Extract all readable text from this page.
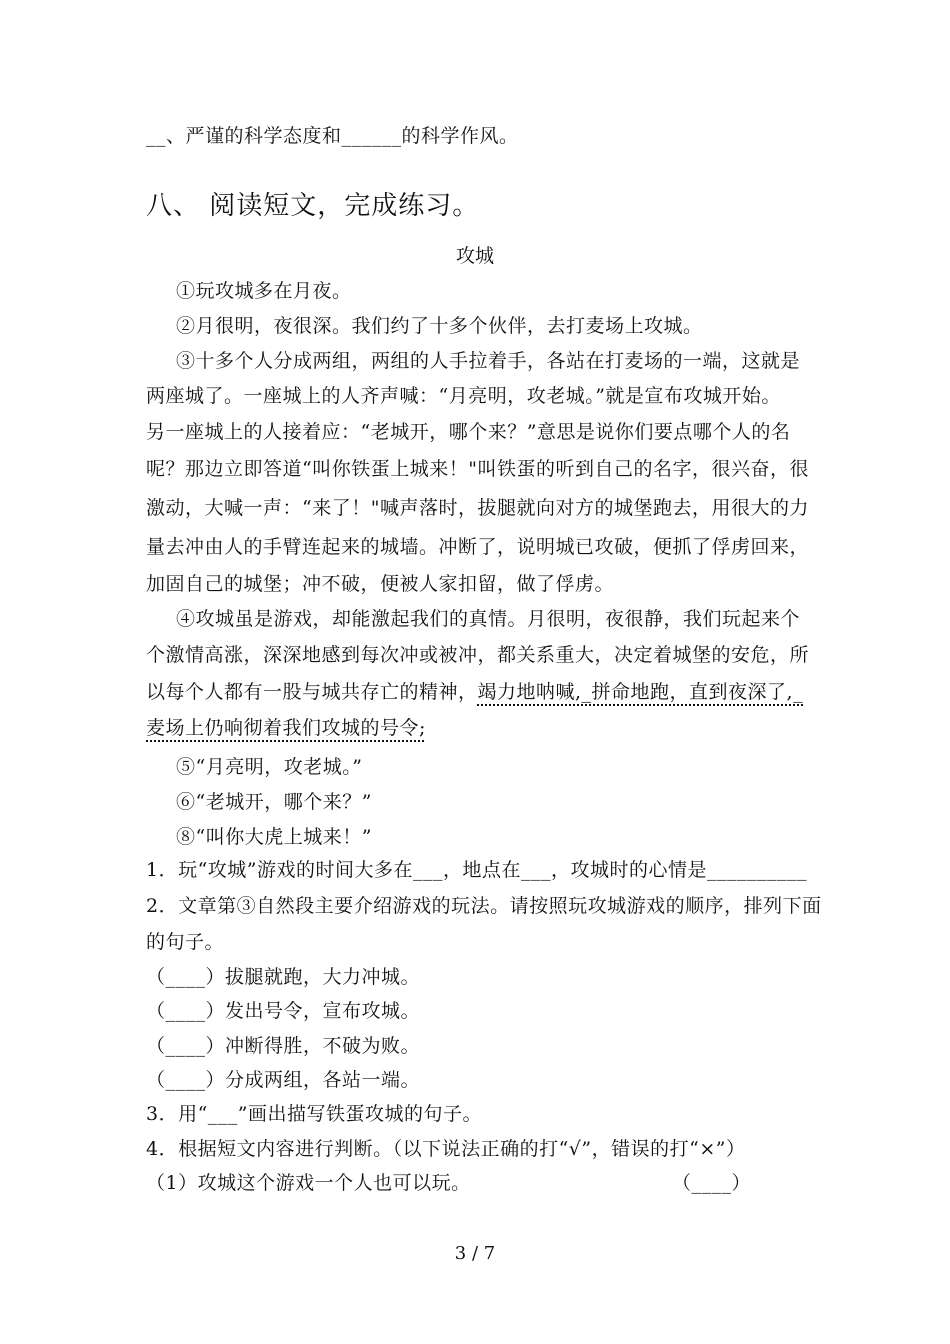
__、严谨的科学态度和______的科学作风。
八、 阅读短文，完成练习。
攻城
①玩攻城多在月夜。
②月很明，夜很深。我们约了十多个伙伴，去打麦场上攻城。
③十多个人分成两组，两组的人手拉着手，各站在打麦场的一端，这就是
两座城了。一座城上的人齐声喊：“月亮明，攻老城。”就是宣布攻城开始。
另一座城上的人接着应：“老城开，哪个来？”意思是说你们要点哪个人的名
呢？那边立即答道“叫你铁蛋上城来！"叫铁蛋的听到自己的名字，很兴奋，很
激动，大喊一声：“来了！"喊声落时，拔腿就向对方的城堡跑去，用很大的力
量去冲由人的手臂连起来的城墙。冲断了，说明城已攻破，便抓了俘虏回来，
加固自己的城堡；冲不破，便被人家扣留，做了俘虏。
④攻城虽是游戏，却能激起我们的真情。月很明，夜很静，我们玩起来个
个激情高涨，深深地感到每次冲或被冲，都关系重大，决定着城堡的安危，所
以每个人都有一股与城共存亡的精神，竭力地呐喊,_拼命地跑，直到夜深了,_
麦场上仍响彻着我们攻城的号令;
⑤“月亮明，攻老城。”
⑥“老城开，哪个来？”
⑧“叫你大虎上城来！”
1．玩“攻城”游戏的时间大多在___，地点在___，攻城时的心情是__________
2．文章第③自然段主要介绍游戏的玩法。请按照玩攻城游戏的顺序，排列下面
的句子。
（____）拔腿就跑，大力冲城。
（____）发出号令，宣布攻城。
（____）冲断得胜，不破为败。
（____）分成两组，各站一端。
3．用“___”画出描写铁蛋攻城的句子。
4．根据短文内容进行判断。（以下说法正确的打“√”，错误的打“×”）
（1）攻城这个游戏一个人也可以玩。	（____）
3 / 7
